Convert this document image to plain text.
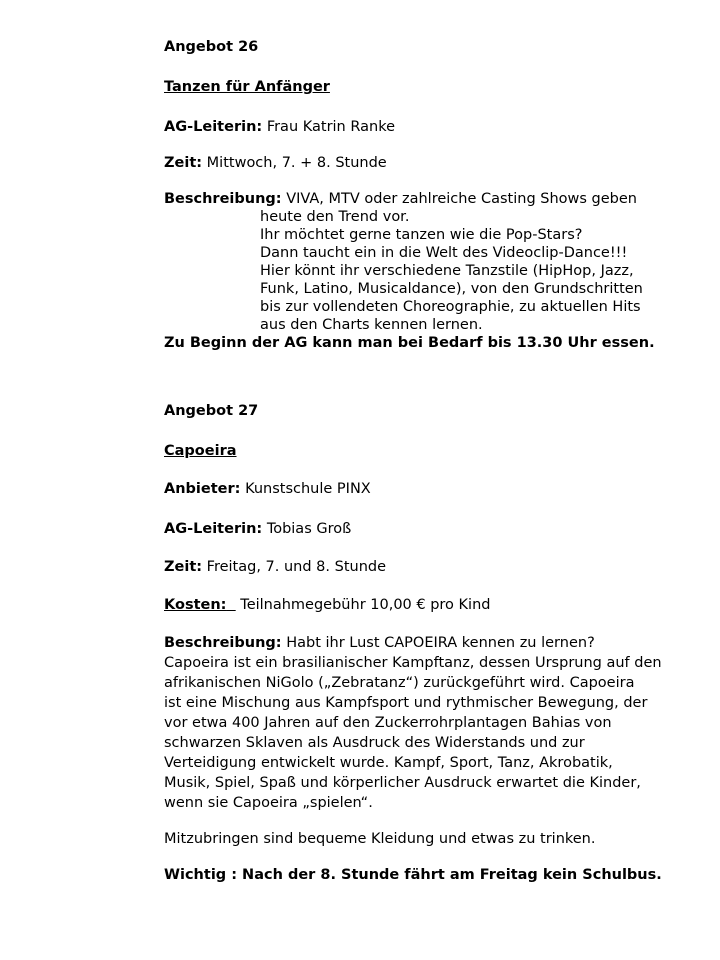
Angebot 26
Tanzen für Anfänger
AG-Leiterin: Frau Katrin Ranke
Zeit: Mittwoch, 7. + 8. Stunde
Beschreibung: VIVA, MTV oder zahlreiche Casting Shows geben
heute den Trend vor.
Ihr möchtet gerne tanzen wie die Pop-Stars?
Dann taucht ein in die Welt des Videoclip-Dance!!!
Hier könnt ihr verschiedene Tanzstile (HipHop, Jazz,
Funk, Latino, Musicaldance), von den Grundschritten
bis zur vollendeten Choreographie, zu aktuellen Hits
aus den Charts kennen lernen.
Zu Beginn der AG kann man bei Bedarf bis 13.30 Uhr essen.
Angebot 27
Capoeira
Anbieter: Kunstschule PINX
AG-Leiterin: Tobias Groß
Zeit: Freitag, 7. und 8. Stunde
Kosten: Teilnahmegebühr 10,00 € pro Kind
Beschreibung: Habt ihr Lust CAPOEIRA kennen zu lernen?
Capoeira ist ein brasilianischer Kampftanz, dessen Ursprung auf den
afrikanischen NiGolo („Zebratanz“) zurückgeführt wird. Capoeira
ist eine Mischung aus Kampfsport und rythmischer Bewegung, der
vor etwa 400 Jahren auf den Zuckerrohrplantagen Bahias von
schwarzen Sklaven als Ausdruck des Widerstands und zur
Verteidigung entwickelt wurde. Kampf, Sport, Tanz, Akrobatik,
Musik, Spiel, Spaß und körperlicher Ausdruck erwartet die Kinder,
wenn sie Capoeira „spielen“.
Mitzubringen sind bequeme Kleidung und etwas zu trinken.
Wichtig : Nach der 8. Stunde fährt am Freitag kein Schulbus.
